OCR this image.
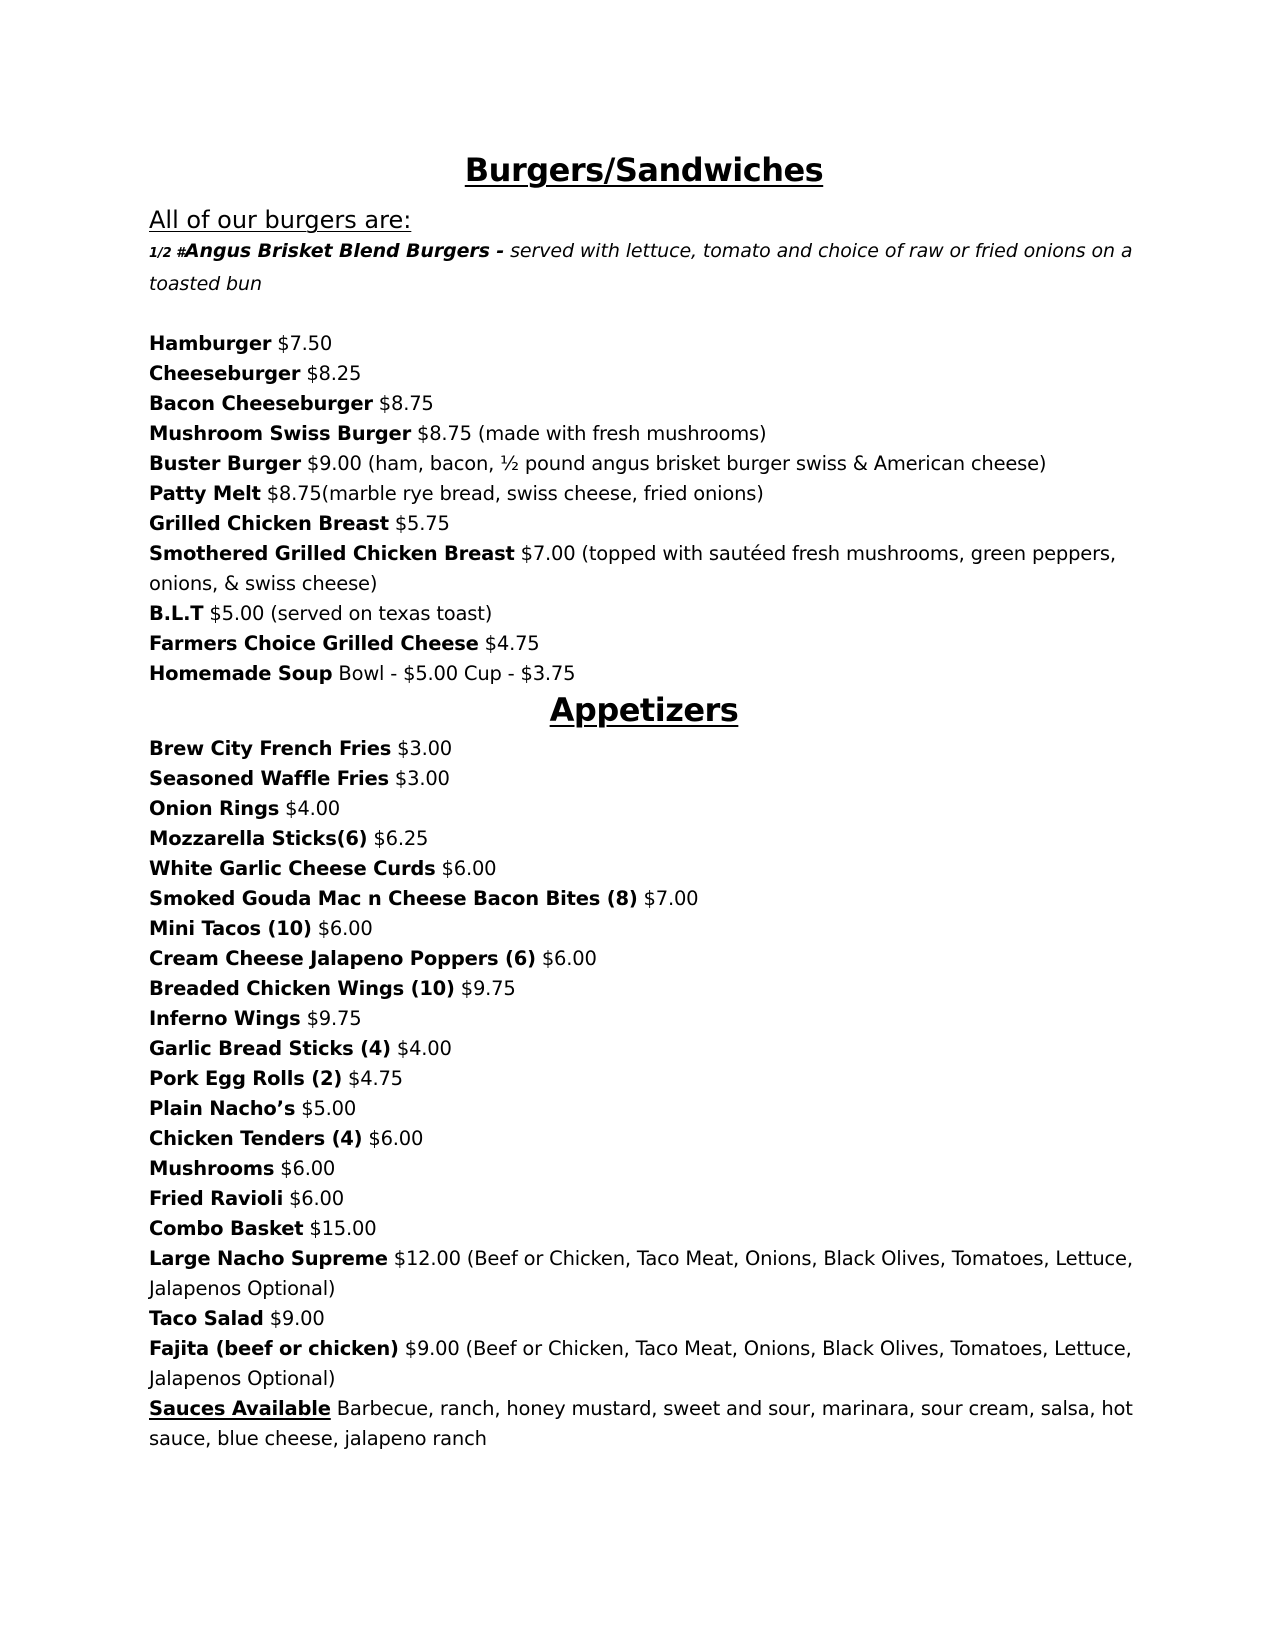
Burgers/Sandwiches

All of our burgers are:

1/2 #Angus Brisket Blend Burgers - served with lettuce, tomato and choice of raw or fried onions on a toasted bun

Hamburger $7.50
Cheeseburger $8.25
Bacon Cheeseburger $8.75
Mushroom Swiss Burger $8.75 (made with fresh mushrooms)
Buster Burger $9.00 (ham, bacon, ½ pound angus brisket burger swiss & American cheese)
Patty Melt $8.75(marble rye bread, swiss cheese, fried onions)
Grilled Chicken Breast $5.75
Smothered Grilled Chicken Breast $7.00 (topped with sautéed fresh mushrooms, green peppers, onions, & swiss cheese)
B.L.T $5.00 (served on texas toast)
Farmers Choice Grilled Cheese $4.75
Homemade Soup Bowl - $5.00 Cup - $3.75
Appetizers
Brew City French Fries $3.00
Seasoned Waffle Fries $3.00
Onion Rings $4.00
Mozzarella Sticks(6) $6.25
White Garlic Cheese Curds $6.00
Smoked Gouda Mac n Cheese Bacon Bites (8) $7.00
Mini Tacos (10) $6.00
Cream Cheese Jalapeno Poppers (6) $6.00
Breaded Chicken Wings (10) $9.75
Inferno Wings $9.75
Garlic Bread Sticks (4) $4.00
Pork Egg Rolls (2) $4.75
Plain Nacho’s $5.00
Chicken Tenders (4) $6.00
Mushrooms $6.00
Fried Ravioli $6.00
Combo Basket $15.00
Large Nacho Supreme $12.00 (Beef or Chicken, Taco Meat, Onions, Black Olives, Tomatoes, Lettuce, Jalapenos Optional)
Taco Salad $9.00
Fajita (beef or chicken) $9.00 (Beef or Chicken, Taco Meat, Onions, Black Olives, Tomatoes, Lettuce, Jalapenos Optional)

Sauces Available Barbecue, ranch, honey mustard, sweet and sour, marinara, sour cream, salsa, hot sauce, blue cheese, jalapeno ranch
